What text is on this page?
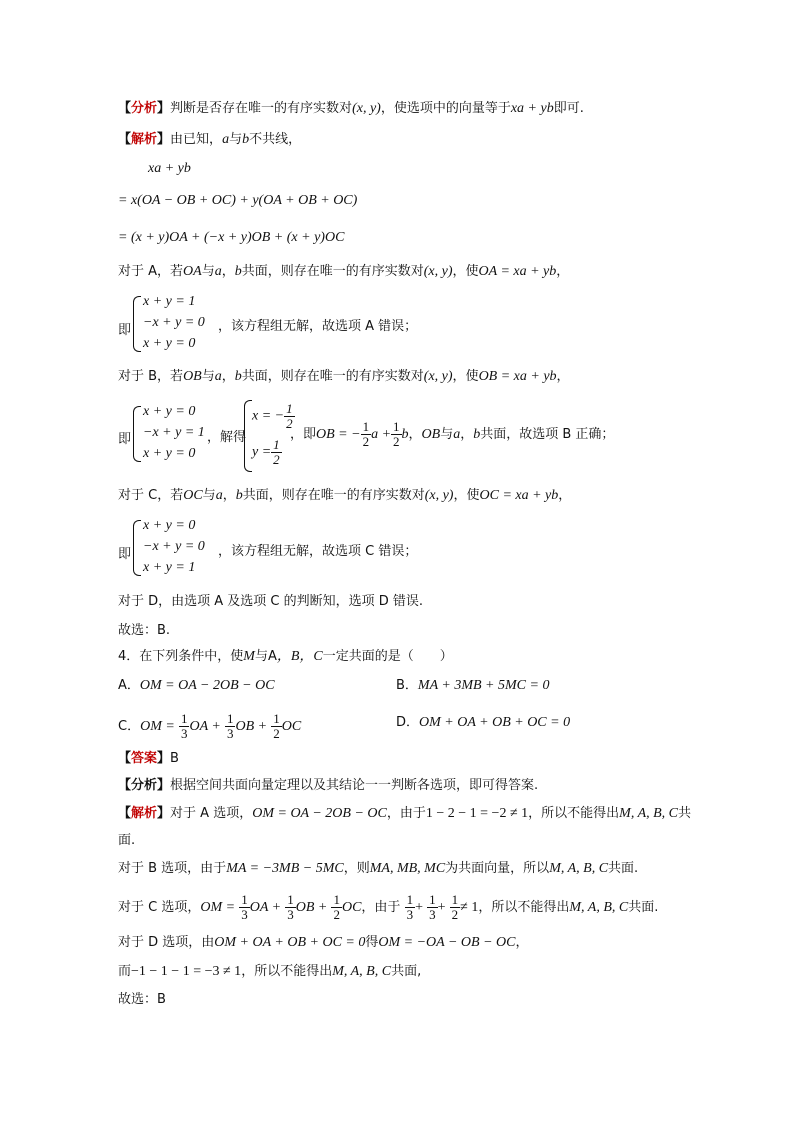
【分析】判断是否存在唯一的有序实数对(x, y)，使选项中的向量等于xa + yb即可.
【解析】由已知，a与b不共线，
xa + yb
= x(OA − OB + OC) + y(OA + OB + OC)
= (x + y)OA + (−x + y)OB + (x + y)OC
对于 A，若OA与a，b共面，则存在唯一的有序实数对(x, y)，使OA = xa + yb，
即
x + y = 1
−x + y = 0
x + y = 0
，该方程组无解，故选项 A 错误；
对于 B，若OB与a，b共面，则存在唯一的有序实数对(x, y)，使OB = xa + yb，
即
x + y = 0
−x + y = 1
x + y = 0
，解得
x = − $\frac{1}{2}$
$y = \frac{1}{2}$
，即OB = − $\frac{1}{2}$ $a + \frac{1}{2}$ b，OB与a，b共面，故选项 B 正确；
对于 C，若OC与a，b共面，则存在唯一的有序实数对(x, y)，使OC = xa + yb，
即
x + y = 0
−x + y = 0
x + y = 1
，该方程组无解，故选项 C 错误；
对于 D，由选项 A 及选项 C 的判断知，选项 D 错误.
故选：B.
4．在下列条件中，使M与A，B，C一定共面的是（　　）
A．OM = OA − 2OB − OC	B．MA + 3MB + 5MC = 0
C．OM = $\frac{1}{3}$ OA + $\frac{1}{3}$ OB + $\frac{1}{2}$ OC	D．OM + OA + OB + OC = 0
【答案】B
【分析】根据空间共面向量定理以及其结论一一判断各选项，即可得答案.
【解析】对于 A 选项，OM = OA − 2OB − OC，由于1 − 2 − 1 = −2 ≠ 1，所以不能得出M, A, B, C共
面.
对于 B 选项，由于MA = −3MB − 5MC，则MA, MB, MC为共面向量，所以M, A, B, C共面.
对于 C 选项，OM = $\frac{1}{3}$ OA + $\frac{1}{3}$ OB + $\frac{1}{2}$ OC，由于 $\frac{1}{3} + \frac{1}{3} + \frac{1}{2} \ne 1$，所以不能得出M, A, B, C共面.
对于 D 选项，由OM + OA + OB + OC = 0得OM = −OA − OB − OC，
而−1 − 1 − 1 = −3 ≠ 1，所以不能得出M, A, B, C共面,
故选：B
